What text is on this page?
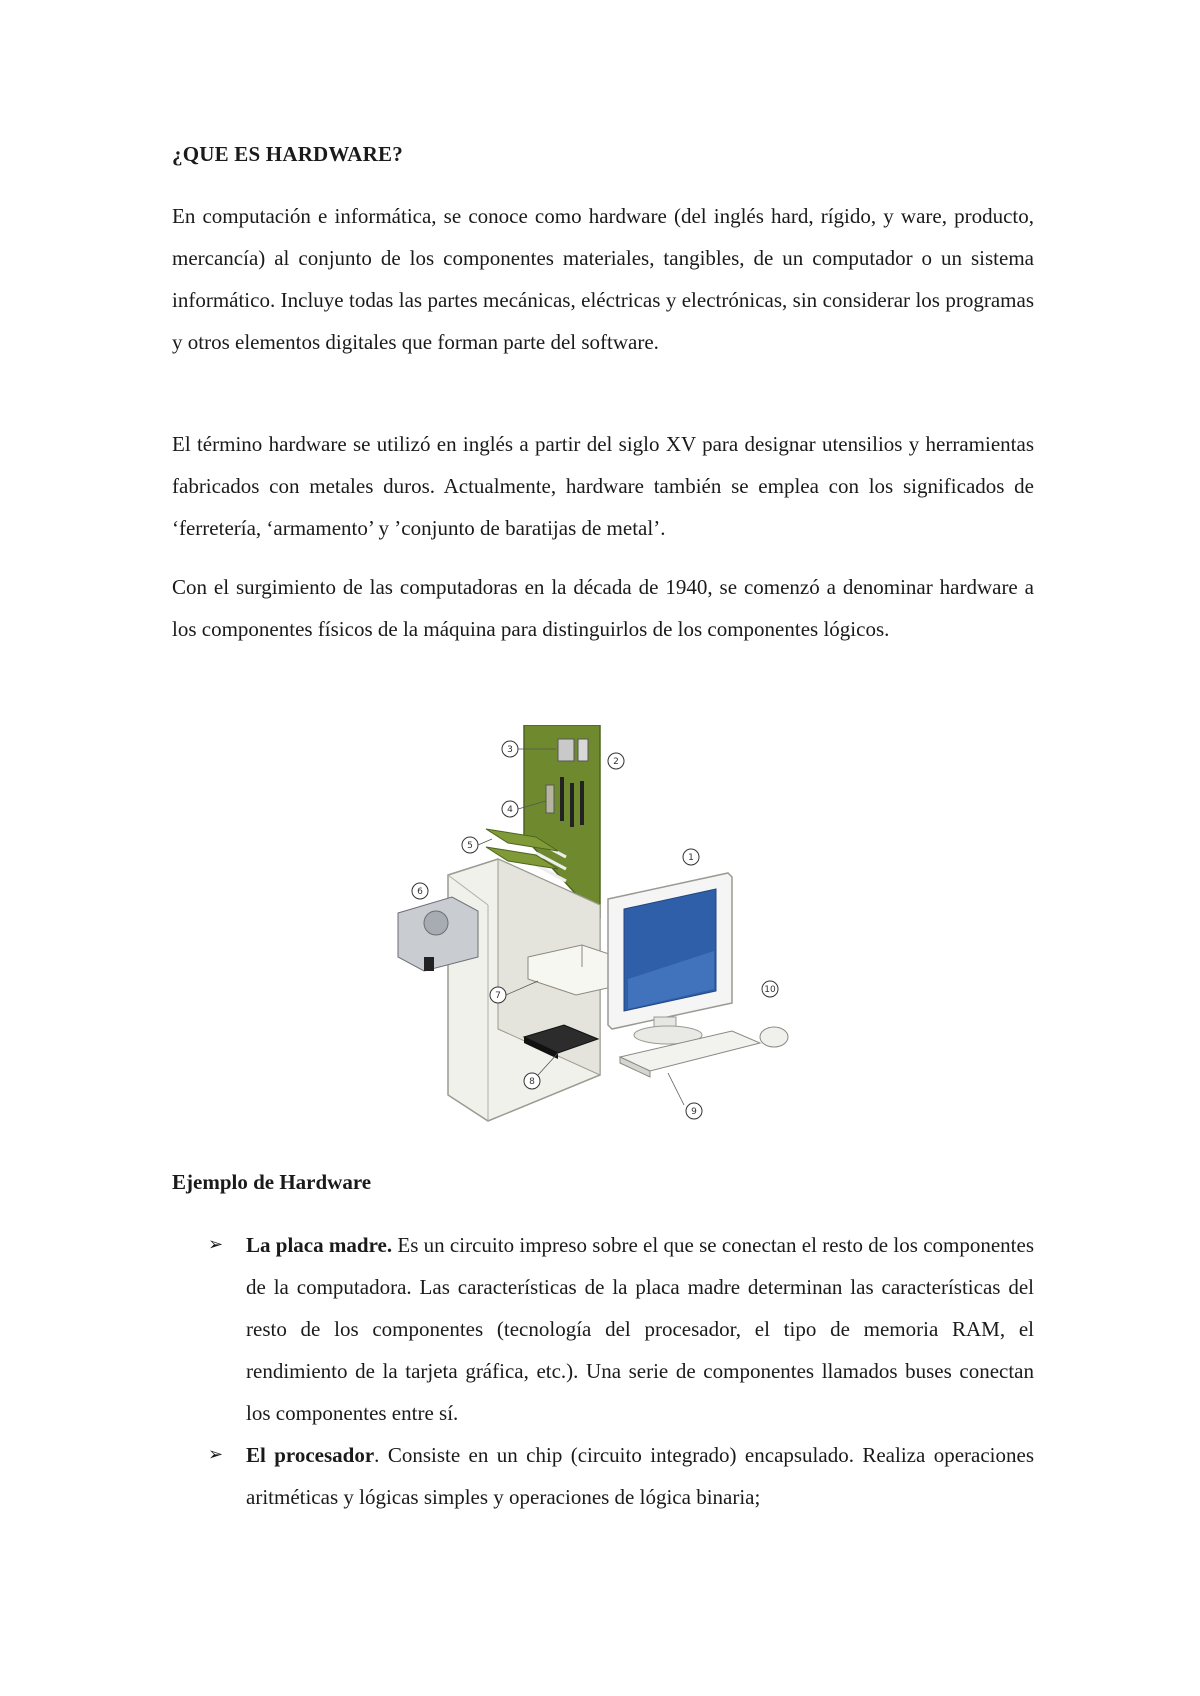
¿QUE ES HARDWARE?

En computación e informática, se conoce como hardware (del inglés hard, rígido, y ware, producto, mercancía) al conjunto de los componentes materiales, tangibles, de un computador o un sistema informático. Incluye todas las partes mecánicas, eléctricas y electrónicas, sin considerar los programas y otros elementos digitales que forman parte del software.

El término hardware se utilizó en inglés a partir del siglo XV para designar utensilios y herramientas fabricados con metales duros. Actualmente, hardware también se emplea con los significados de ‘ferretería, ‘armamento’ y ’conjunto de baratijas de metal’.

Con el surgimiento de las computadoras en la década de 1940, se comenzó a denominar hardware a los componentes físicos de la máquina para distinguirlos de los componentes lógicos.

1
2
3
4
5
6
7
8
9
10
Ejemplo de Hardware
➢ La placa madre. Es un circuito impreso sobre el que se conectan el resto de los componentes de la computadora. Las características de la placa madre determinan las características del resto de los componentes (tecnología del procesador, el tipo de memoria RAM, el rendimiento de la tarjeta gráfica, etc.). Una serie de componentes llamados buses conectan los componentes entre sí.
➢ El procesador. Consiste en un chip (circuito integrado) encapsulado. Realiza operaciones aritméticas y lógicas simples y operaciones de lógica binaria;
